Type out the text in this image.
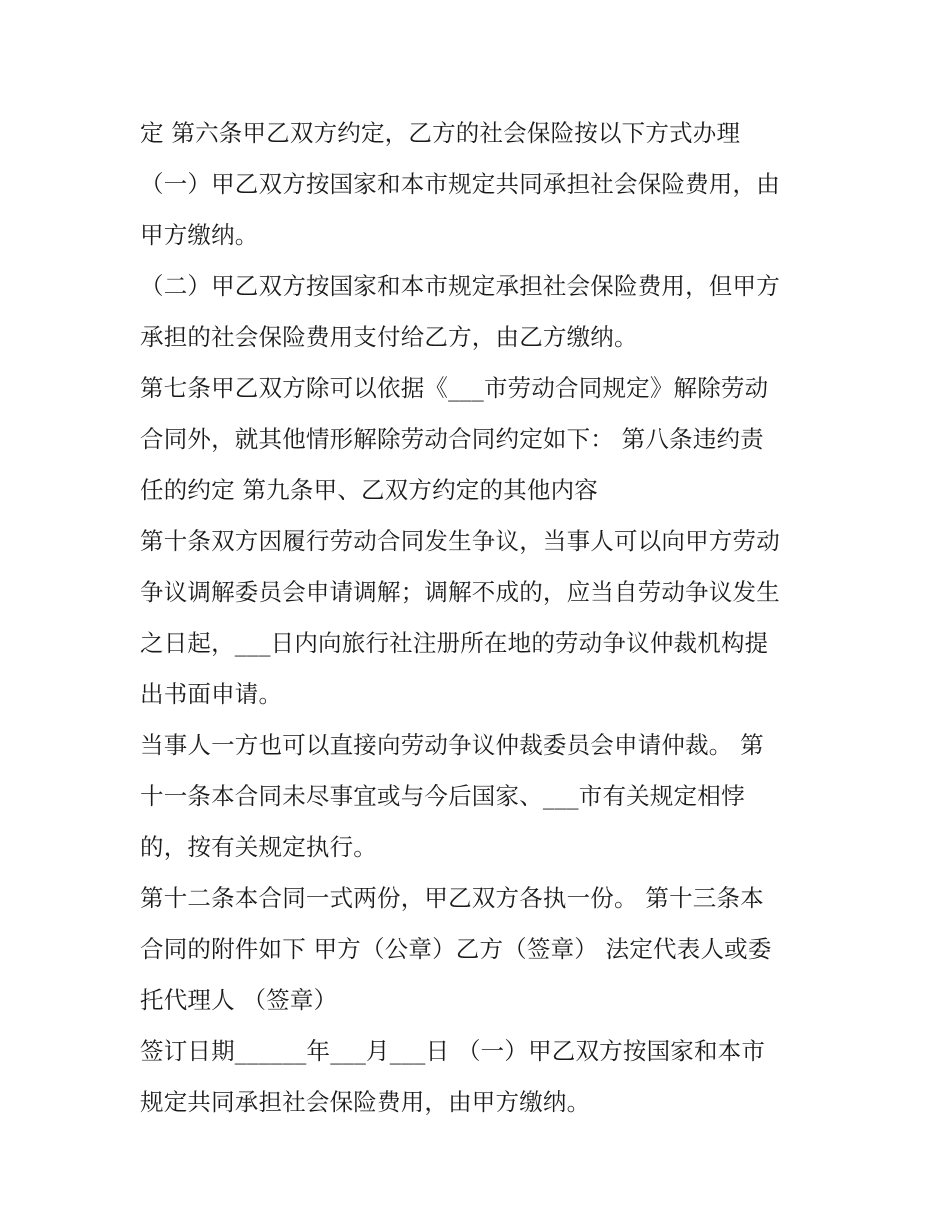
定 第六条甲乙双方约定，乙方的社会保险按以下方式办理
（一）甲乙双方按国家和本市规定共同承担社会保险费用，由
甲方缴纳。
（二）甲乙双方按国家和本市规定承担社会保险费用，但甲方
承担的社会保险费用支付给乙方，由乙方缴纳。
第七条甲乙双方除可以依据《___市劳动合同规定》解除劳动
合同外，就其他情形解除劳动合同约定如下： 第八条违约责
任的约定 第九条甲、乙双方约定的其他内容
第十条双方因履行劳动合同发生争议，当事人可以向甲方劳动
争议调解委员会申请调解；调解不成的，应当自劳动争议发生
之日起，___日内向旅行社注册所在地的劳动争议仲裁机构提
出书面申请。
当事人一方也可以直接向劳动争议仲裁委员会申请仲裁。 第
十一条本合同未尽事宜或与今后国家、___市有关规定相悖
的，按有关规定执行。
第十二条本合同一式两份，甲乙双方各执一份。 第十三条本
合同的附件如下 甲方（公章）乙方（签章） 法定代表人或委
托代理人 （签章）
签订日期______年___月___日 （一）甲乙双方按国家和本市
规定共同承担社会保险费用，由甲方缴纳。
